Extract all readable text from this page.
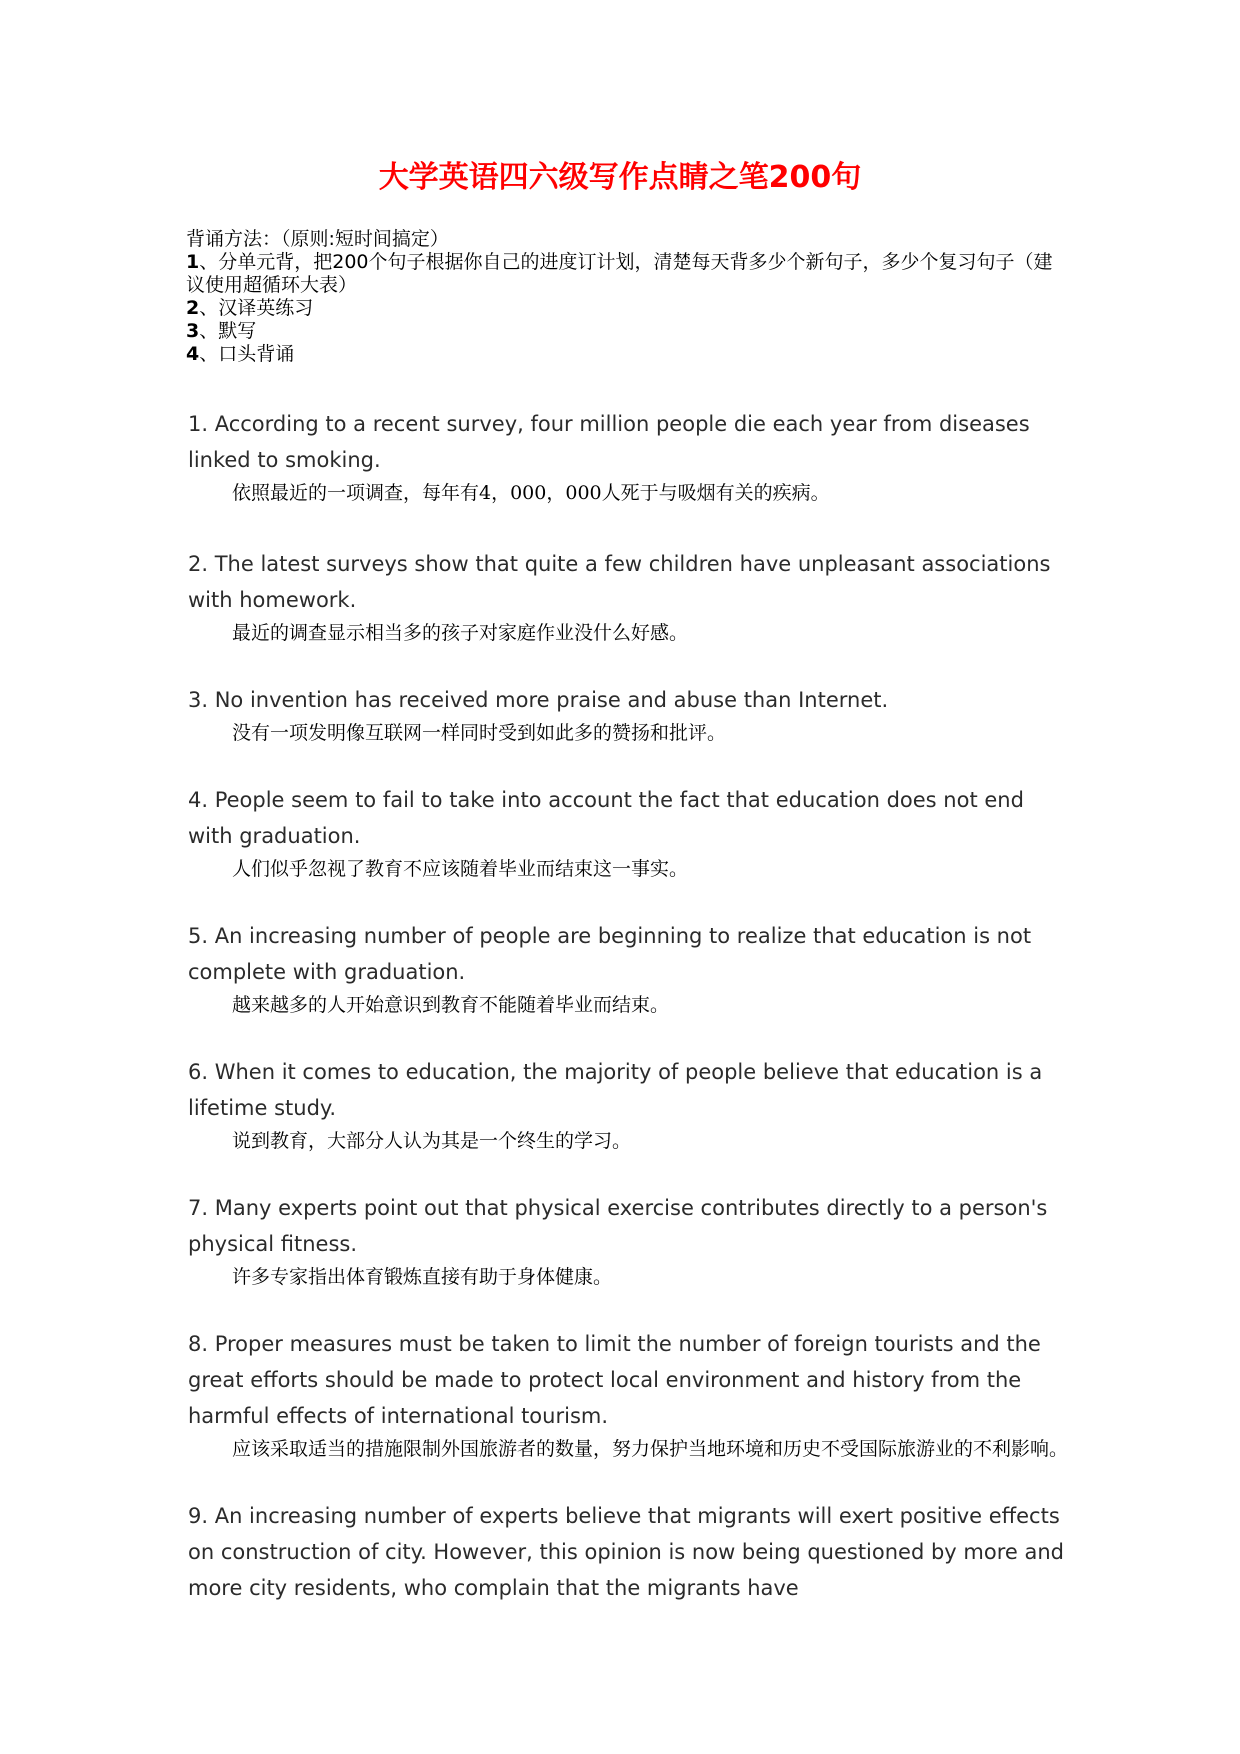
大学英语四六级写作点睛之笔200句
背诵方法：（原则:短时间搞定）
1、分单元背，把200个句子根据你自己的进度订计划，清楚每天背多少个新句子，多少个复习句子（建议使用超循环大表）
2、汉译英练习
3、默写
4、口头背诵

1. According to a recent survey, four million people die each year from diseases linked to smoking.

依照最近的一项调查，每年有4，000，000人死于与吸烟有关的疾病。

2. The latest surveys show that quite a few children have unpleasant associations with homework.

最近的调查显示相当多的孩子对家庭作业没什么好感。

3. No invention has received more praise and abuse than Internet.

没有一项发明像互联网一样同时受到如此多的赞扬和批评。

4. People seem to fail to take into account the fact that education does not end with graduation.

人们似乎忽视了教育不应该随着毕业而结束这一事实。

5. An increasing number of people are beginning to realize that education is not complete with graduation.

越来越多的人开始意识到教育不能随着毕业而结束。

6. When it comes to education, the majority of people believe that education is a lifetime study.

说到教育，大部分人认为其是一个终生的学习。

7. Many experts point out that physical exercise contributes directly to a person's physical fitness.

许多专家指出体育锻炼直接有助于身体健康。

8. Proper measures must be taken to limit the number of foreign tourists and the great efforts should be made to protect local environment and history from the harmful effects of international tourism.

应该采取适当的措施限制外国旅游者的数量，努力保护当地环境和历史不受国际旅游业的不利影响。

9. An increasing number of experts believe that migrants will exert positive effects on construction of city. However, this opinion is now being questioned by more and more city residents, who complain that the migrants have
